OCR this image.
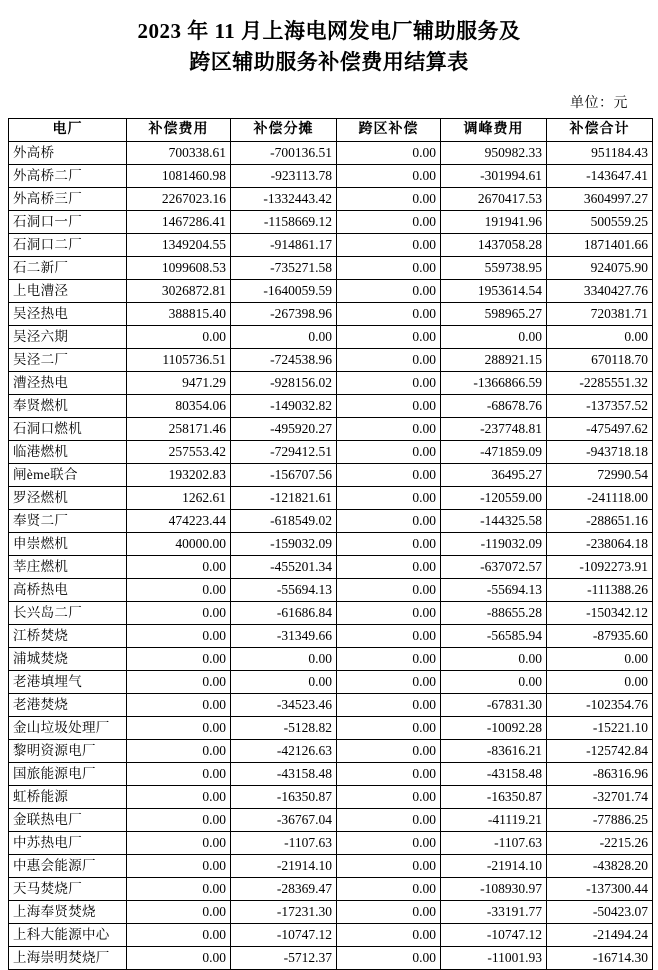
2023 年 11 月上海电网发电厂辅助服务及
跨区辅助服务补偿费用结算表
单位：元
电厂	补偿费用	补偿分摊	跨区补偿	调峰费用	补偿合计
外高桥	700338.61	-700136.51	0.00	950982.33	951184.43
外高桥二厂	1081460.98	-923113.78	0.00	-301994.61	-143647.41
外高桥三厂	2267023.16	-1332443.42	0.00	2670417.53	3604997.27
石洞口一厂	1467286.41	-1158669.12	0.00	191941.96	500559.25
石洞口二厂	1349204.55	-914861.17	0.00	1437058.28	1871401.66
石二新厂	1099608.53	-735271.58	0.00	559738.95	924075.90
上电漕泾	3026872.81	-1640059.59	0.00	1953614.54	3340427.76
吴泾热电	388815.40	-267398.96	0.00	598965.27	720381.71
吴泾六期	0.00	0.00	0.00	0.00	0.00
吴泾二厂	1105736.51	-724538.96	0.00	288921.15	670118.70
漕泾热电	9471.29	-928156.02	0.00	-1366866.59	-2285551.32
奉贤燃机	80354.06	-149032.82	0.00	-68678.76	-137357.52
石洞口燃机	258171.46	-495920.27	0.00	-237748.81	-475497.62
临港燃机	257553.42	-729412.51	0.00	-471859.09	-943718.18
闸ème联合	193202.83	-156707.56	0.00	36495.27	72990.54
罗泾燃机	1262.61	-121821.61	0.00	-120559.00	-241118.00
奉贤二厂	474223.44	-618549.02	0.00	-144325.58	-288651.16
申崇燃机	40000.00	-159032.09	0.00	-119032.09	-238064.18
莘庄燃机	0.00	-455201.34	0.00	-637072.57	-1092273.91
高桥热电	0.00	-55694.13	0.00	-55694.13	-111388.26
长兴岛二厂	0.00	-61686.84	0.00	-88655.28	-150342.12
江桥焚烧	0.00	-31349.66	0.00	-56585.94	-87935.60
浦城焚烧	0.00	0.00	0.00	0.00	0.00
老港填埋气	0.00	0.00	0.00	0.00	0.00
老港焚烧	0.00	-34523.46	0.00	-67831.30	-102354.76
金山垃圾处理厂	0.00	-5128.82	0.00	-10092.28	-15221.10
黎明资源电厂	0.00	-42126.63	0.00	-83616.21	-125742.84
国旅能源电厂	0.00	-43158.48	0.00	-43158.48	-86316.96
虹桥能源	0.00	-16350.87	0.00	-16350.87	-32701.74
金联热电厂	0.00	-36767.04	0.00	-41119.21	-77886.25
中苏热电厂	0.00	-1107.63	0.00	-1107.63	-2215.26
中惠会能源厂	0.00	-21914.10	0.00	-21914.10	-43828.20
天马焚烧厂	0.00	-28369.47	0.00	-108930.97	-137300.44
上海奉贤焚烧	0.00	-17231.30	0.00	-33191.77	-50423.07
上科大能源中心	0.00	-10747.12	0.00	-10747.12	-21494.24
上海崇明焚烧厂	0.00	-5712.37	0.00	-11001.93	-16714.30
